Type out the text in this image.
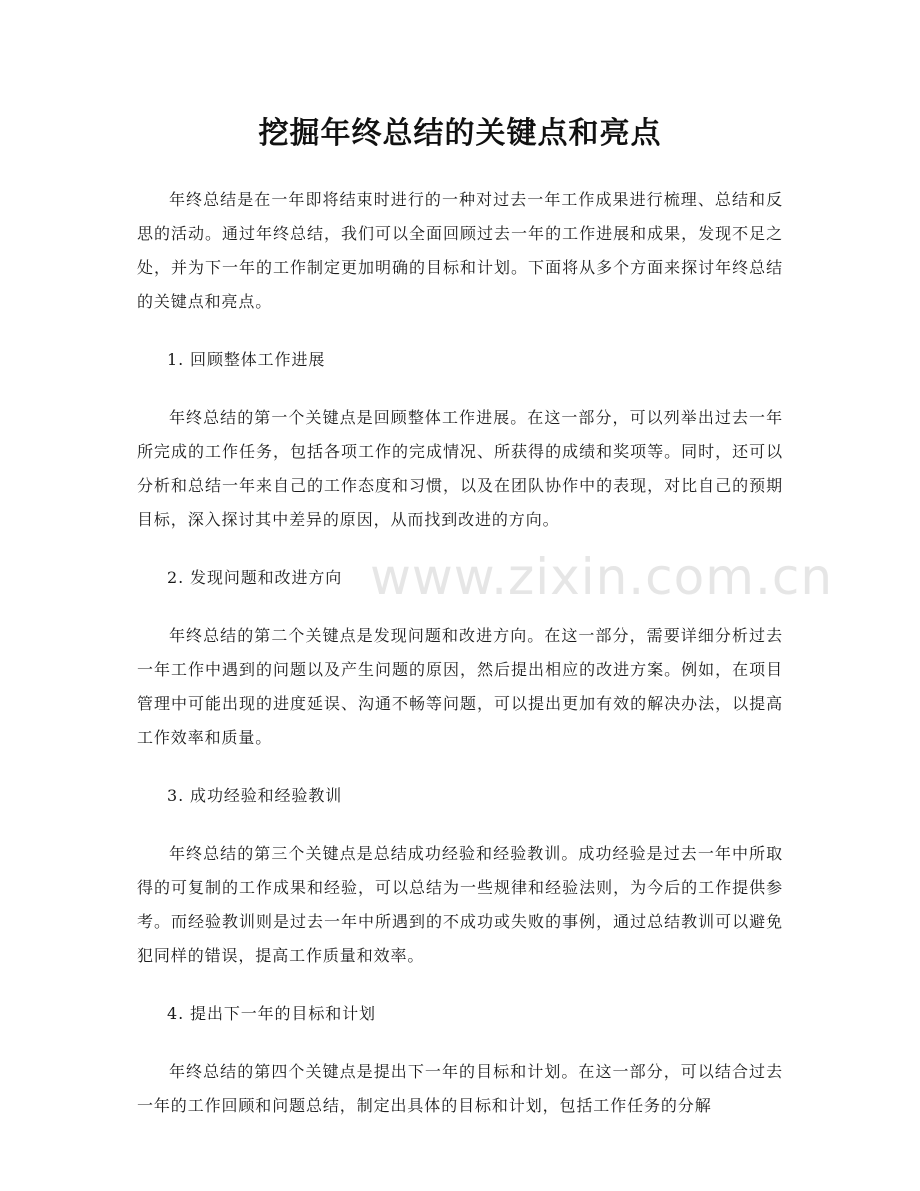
www.zixin.com.cn
挖掘年终总结的关键点和亮点

年终总结是在一年即将结束时进行的一种对过去一年工作成果进行梳理、总结和反思的活动。通过年终总结，我们可以全面回顾过去一年的工作进展和成果，发现不足之处，并为下一年的工作制定更加明确的目标和计划。下面将从多个方面来探讨年终总结的关键点和亮点。

1. 回顾整体工作进展

年终总结的第一个关键点是回顾整体工作进展。在这一部分，可以列举出过去一年所完成的工作任务，包括各项工作的完成情况、所获得的成绩和奖项等。同时，还可以分析和总结一年来自己的工作态度和习惯，以及在团队协作中的表现，对比自己的预期目标，深入探讨其中差异的原因，从而找到改进的方向。

2. 发现问题和改进方向

年终总结的第二个关键点是发现问题和改进方向。在这一部分，需要详细分析过去一年工作中遇到的问题以及产生问题的原因，然后提出相应的改进方案。例如，在项目管理中可能出现的进度延误、沟通不畅等问题，可以提出更加有效的解决办法，以提高工作效率和质量。

3. 成功经验和经验教训

年终总结的第三个关键点是总结成功经验和经验教训。成功经验是过去一年中所取得的可复制的工作成果和经验，可以总结为一些规律和经验法则，为今后的工作提供参考。而经验教训则是过去一年中所遇到的不成功或失败的事例，通过总结教训可以避免犯同样的错误，提高工作质量和效率。

4. 提出下一年的目标和计划

年终总结的第四个关键点是提出下一年的目标和计划。在这一部分，可以结合过去一年的工作回顾和问题总结，制定出具体的目标和计划，包括工作任务的分解
